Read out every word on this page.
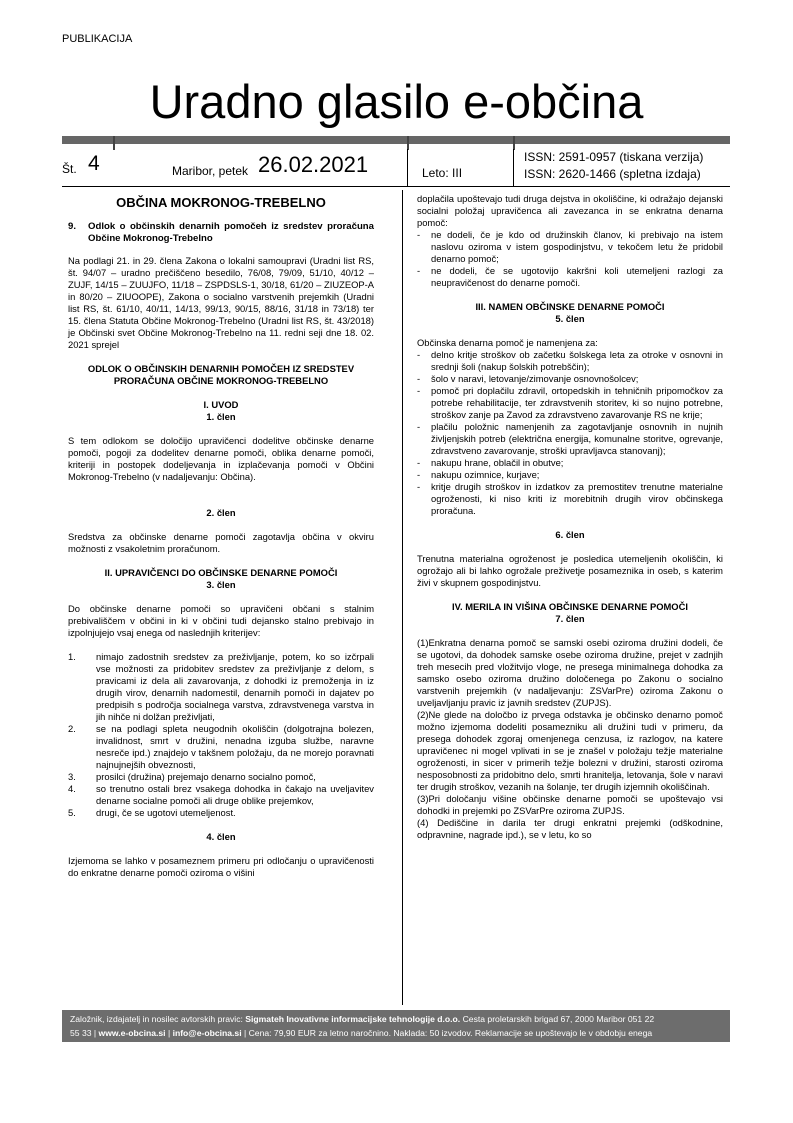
PUBLIKACIJA
Uradno glasilo e-občina
Št. 4	Maribor, petek 26.02.2021	Leto: III
ISSN: 2591-0957 (tiskana verzija)
ISSN: 2620-1466 (spletna izdaja)
OBČINA MOKRONOG-TREBELNO
9.	Odlok o občinskih denarnih pomočeh iz sredstev proračuna Občine Mokronog-Trebelno

Na podlagi 21. in 29. člena Zakona o lokalni samoupravi (Uradni list RS, št. 94/07 – uradno prečiščeno besedilo, 76/08, 79/09, 51/10, 40/12 – ZUJF, 14/15 – ZUUJFO, 11/18 – ZSPDSLS-1, 30/18, 61/20 – ZIUZEOP-A in 80/20 – ZIUOOPE), Zakona o socialno varstvenih prejemkih (Uradni list RS, št. 61/10, 40/11, 14/13, 99/13, 90/15, 88/16, 31/18 in 73/18) ter 15. člena Statuta Občine Mokronog-Trebelno (Uradni list RS, št. 43/2018) je Občinski svet Občine Mokronog-Trebelno na 11. redni seji dne 18. 02. 2021 sprejel

ODLOK O OBČINSKIH DENARNIH POMOČEH IZ SREDSTEV PRORAČUNA OBČINE MOKRONOG-TREBELNO

I. UVOD

1. člen

S tem odlokom se določijo upravičenci dodelitve občinske denarne pomoči, pogoji za dodelitev denarne pomoči, oblika denarne pomoči, kriteriji in postopek dodeljevanja in izplačevanja pomoči v Občini Mokronog-Trebelno (v nadaljevanju: Občina).

2. člen

Sredstva za občinske denarne pomoči zagotavlja občina v okviru možnosti z vsakoletnim proračunom.

II. UPRAVIČENCI DO OBČINSKE DENARNE POMOČI

3. člen

Do občinske denarne pomoči so upravičeni občani s stalnim prebivališčem v občini in ki v občini tudi dejansko stalno prebivajo in izpolnjujejo vsaj enega od naslednjih kriterijev:

1.	nimajo zadostnih sredstev za preživljanje, potem, ko so izčrpali vse možnosti za pridobitev sredstev za preživljanje z delom, s pravicami iz dela ali zavarovanja, z dohodki iz premoženja in iz drugih virov, denarnih nadomestil, denarnih pomoči in dajatev po predpisih s področja socialnega varstva, zdravstvenega varstva in jih nihče ni dolžan preživljati,
2.	se na podlagi spleta neugodnih okoliščin (dolgotrajna bolezen, invalidnost, smrt v družini, nenadna izguba službe, naravne nesreče ipd.) znajdejo v takšnem položaju, da ne morejo poravnati najnujnejših obveznosti,
3.	prosilci (družina) prejemajo denarno socialno pomoč,
4.	so trenutno ostali brez vsakega dohodka in čakajo na uveljavitev denarne socialne pomoči ali druge oblike prejemkov,
5.	drugi, če se ugotovi utemeljenost.

4. člen

Izjemoma se lahko v posameznem primeru pri odločanju o upravičenosti do enkratne denarne pomoči oziroma o višini

doplačila upoštevajo tudi druga dejstva in okoliščine, ki odražajo dejanski socialni položaj upravičenca ali zavezanca in se enkratna denarna pomoč:

-	ne dodeli, če je kdo od družinskih članov, ki prebivajo na istem naslovu oziroma v istem gospodinjstvu, v tekočem letu že pridobil denarno pomoč;
-	ne dodeli, če se ugotovijo kakršni koli utemeljeni razlogi za neupravičenost do denarne pomoči.

III. NAMEN OBČINSKE DENARNE POMOČI

5. člen

Občinska denarna pomoč je namenjena za:

-	delno kritje stroškov ob začetku šolskega leta za otroke v osnovni in srednji šoli (nakup šolskih potrebščin);
-	šolo v naravi, letovanje/zimovanje osnovnošolcev;
-	pomoč pri doplačilu zdravil, ortopedskih in tehničnih pripomočkov za potrebe rehabilitacije, ter zdravstvenih storitev, ki so nujno potrebne, stroškov zanje pa Zavod za zdravstveno zavarovanje RS ne krije;
-	plačilu položnic namenjenih za zagotavljanje osnovnih in nujnih življenjskih potreb (električna energija, komunalne storitve, ogrevanje, zdravstveno zavarovanje, stroški upravljavca stanovanj);
-	nakupu hrane, oblačil in obutve;
-	nakupu ozimnice, kurjave;
-	kritje drugih stroškov in izdatkov za premostitev trenutne materialne ogroženosti, ki niso kriti iz morebitnih drugih virov občinskega proračuna.

6. člen

Trenutna materialna ogroženost je posledica utemeljenih okoliščin, ki ogrožajo ali bi lahko ogrožale preživetje posameznika in oseb, s katerim živi v skupnem gospodinjstvu.

IV. MERILA IN VIŠINA OBČINSKE DENARNE POMOČI

7. člen

(1)Enkratna denarna pomoč se samski osebi oziroma družini dodeli, če se ugotovi, da dohodek samske osebe oziroma družine, prejet v zadnjih treh mesecih pred vložitvijo vloge, ne presega minimalnega dohodka za samsko osebo oziroma družino določenega po Zakonu o socialno varstvenih prejemkih (v nadaljevanju: ZSVarPre) oziroma Zakonu o uveljavljanju pravic iz javnih sredstev (ZUPJS).

(2)Ne glede na določbo iz prvega odstavka je občinsko denarno pomoč možno izjemoma dodeliti posamezniku ali družini tudi v primeru, da presega dohodek zgoraj omenjenega cenzusa, iz razlogov, na katere upravičenec ni mogel vplivati in se je znašel v položaju težje materialne ogroženosti, in sicer v primerih težje bolezni v družini, starosti oziroma nesposobnosti za pridobitno delo, smrti hranitelja, letovanja, šole v naravi ter drugih stroškov, vezanih na šolanje, ter drugih izjemnih okoliščinah.

(3)Pri določanju višine občinske denarne pomoči se upoštevajo vsi dohodki in prejemki po ZSVarPre oziroma ZUPJS.

(4) Dediščine in darila ter drugi enkratni prejemki (odškodnine, odpravnine, nagrade ipd.), se v letu, ko so

Založnik, izdajatelj in nosilec avtorskih pravic: Sigmateh Inovativne informacijske tehnologije d.o.o. Cesta proletarskih brigad 67, 2000 Maribor 051 22
55 33 | www.e-obcina.si | info@e-obcina.si | Cena: 79,90 EUR za letno naročnino. Naklada: 50 izvodov. Reklamacije se upoštevajo le v obdobju enega
